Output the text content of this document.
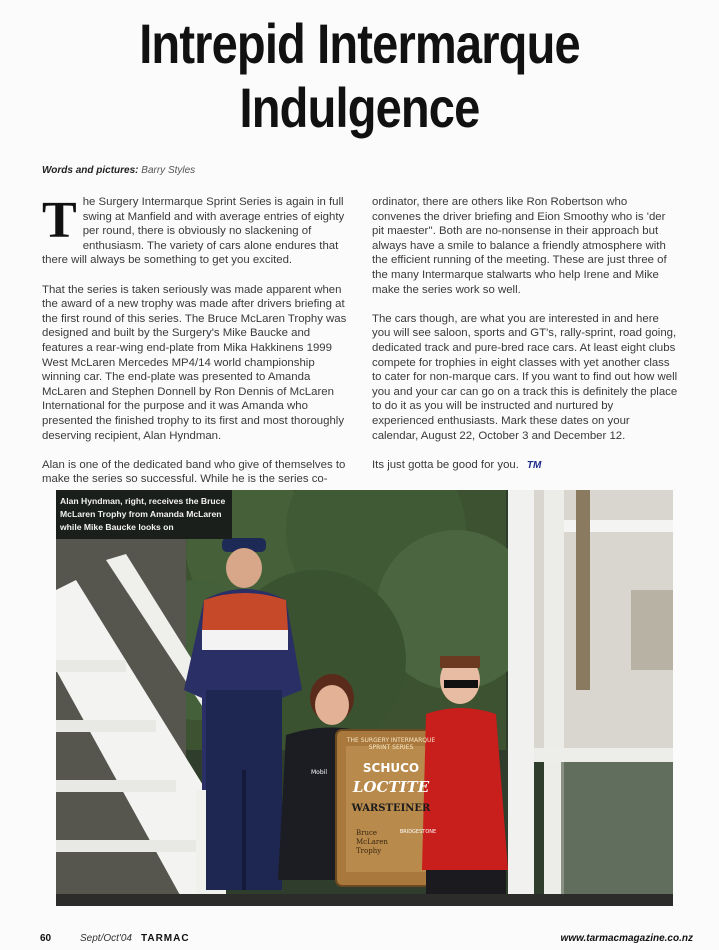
Intrepid Intermarque
Indulgence
Words and pictures: Barry Styles

The Surgery Intermarque Sprint Series is again in full swing at Manfield and with average entries of eighty per round, there is obviously no slackening of enthusiasm. The variety of cars alone endures that there will always be something to get you excited.

That the series is taken seriously was made apparent when the award of a new trophy was made after drivers briefing at the first round of this series. The Bruce McLaren Trophy was designed and built by the Surgery's Mike Baucke and features a rear-wing end-plate from Mika Hakkinens 1999 West McLaren Mercedes MP4/14 world championship winning car. The end-plate was presented to Amanda McLaren and Stephen Donnell by Ron Dennis of McLaren International for the purpose and it was Amanda who presented the finished trophy to its first and most thoroughly deserving recipient, Alan Hyndman.

Alan is one of the dedicated band who give of themselves to make the series so successful. While he is the series co-

ordinator, there are others like Ron Robertson who convenes the driver briefing and Eion Smoothy who is 'der pit maester''. Both are no-nonsense in their approach but always have a smile to balance a friendly atmosphere with the efficient running of the meeting. These are just three of the many Intermarque stalwarts who help Irene and Mike make the series work so well.

The cars though, are what you are interested in and here you will see saloon, sports and GT's, rally-sprint, road going, dedicated track and pure-bred race cars. At least eight clubs compete for trophies in eight classes with yet another class to cater for non-marque cars. If you want to find out how well you and your car can go on a track this is definitely the place to do it as you will be instructed and nurtured by experienced enthusiasts. Mark these dates on your calendar, August 22, October 3 and December 12.

Its just gotta be good for you. TM

THE SURGERY INTERMARQUE
SPRINT SERIES
SCHUCO
LOCTITE
WARSTEINER
Bruce
McLaren
Trophy
BRIDGESTONE
Mobil
Alan Hyndman, right, receives the Bruce McLaren Trophy from Amanda McLaren while Mike Baucke looks on
60	Sept/Oct'04 TARMAC	www.tarmacmagazine.co.nz
